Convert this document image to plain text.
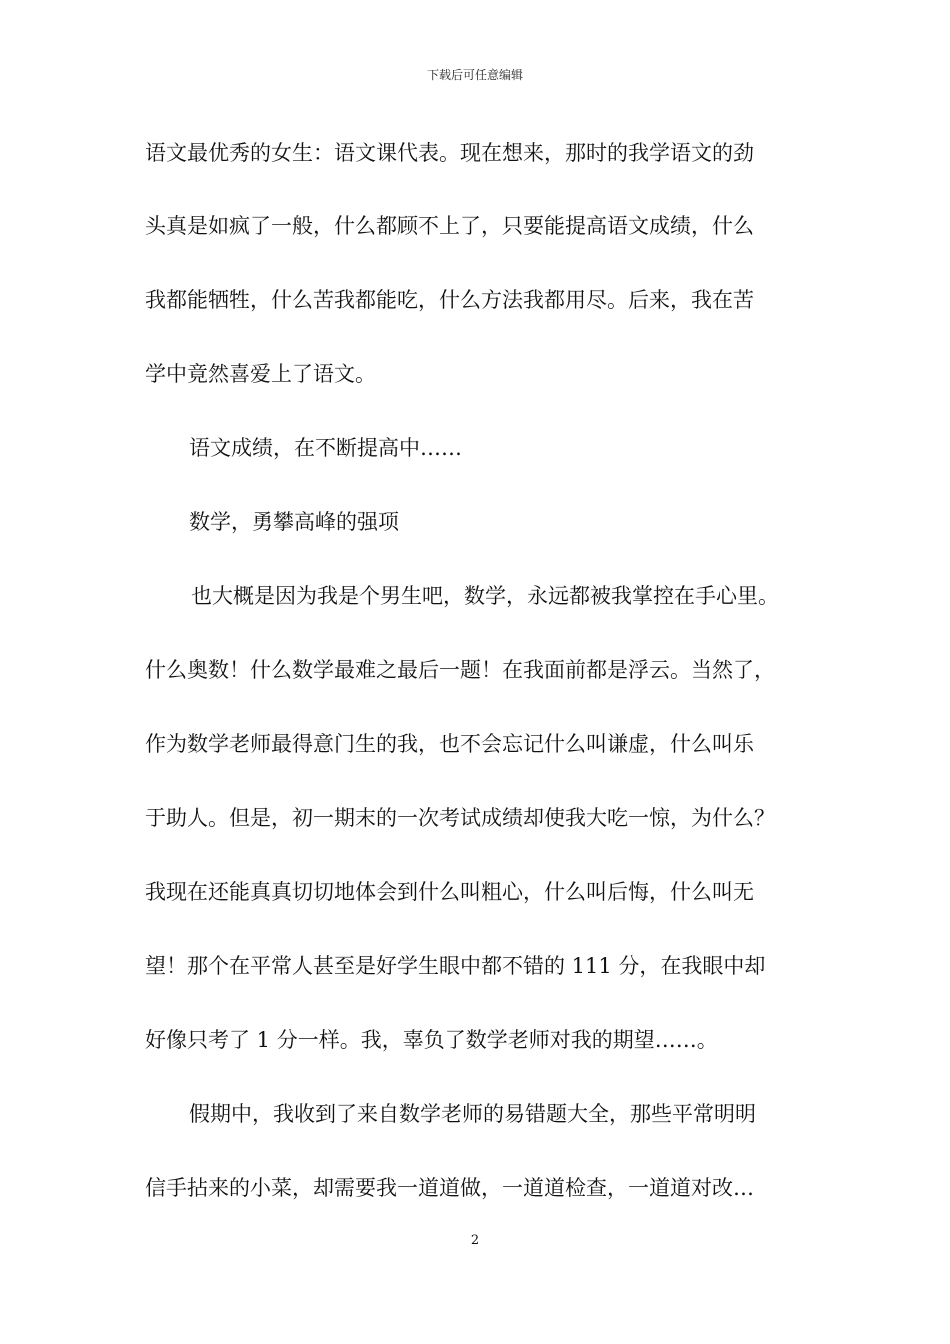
下载后可任意编辑
语文最优秀的女生：语文课代表。现在想来，那时的我学语文的劲
头真是如疯了一般，什么都顾不上了，只要能提高语文成绩，什么
我都能牺牲，什么苦我都能吃，什么方法我都用尽。后来，我在苦
学中竟然喜爱上了语文。
语文成绩，在不断提高中……
数学，勇攀高峰的强项
也大概是因为我是个男生吧，数学，永远都被我掌控在手心里。
什么奥数！什么数学最难之最后一题！在我面前都是浮云。当然了，
作为数学老师最得意门生的我，也不会忘记什么叫谦虚，什么叫乐
于助人。但是，初一期末的一次考试成绩却使我大吃一惊，为什么？
我现在还能真真切切地体会到什么叫粗心，什么叫后悔，什么叫无
望！那个在平常人甚至是好学生眼中都不错的 111 分，在我眼中却
好像只考了 1 分一样。我，辜负了数学老师对我的期望……。
假期中，我收到了来自数学老师的易错题大全，那些平常明明
信手拈来的小菜，却需要我一道道做，一道道检查，一道道对改…
2
